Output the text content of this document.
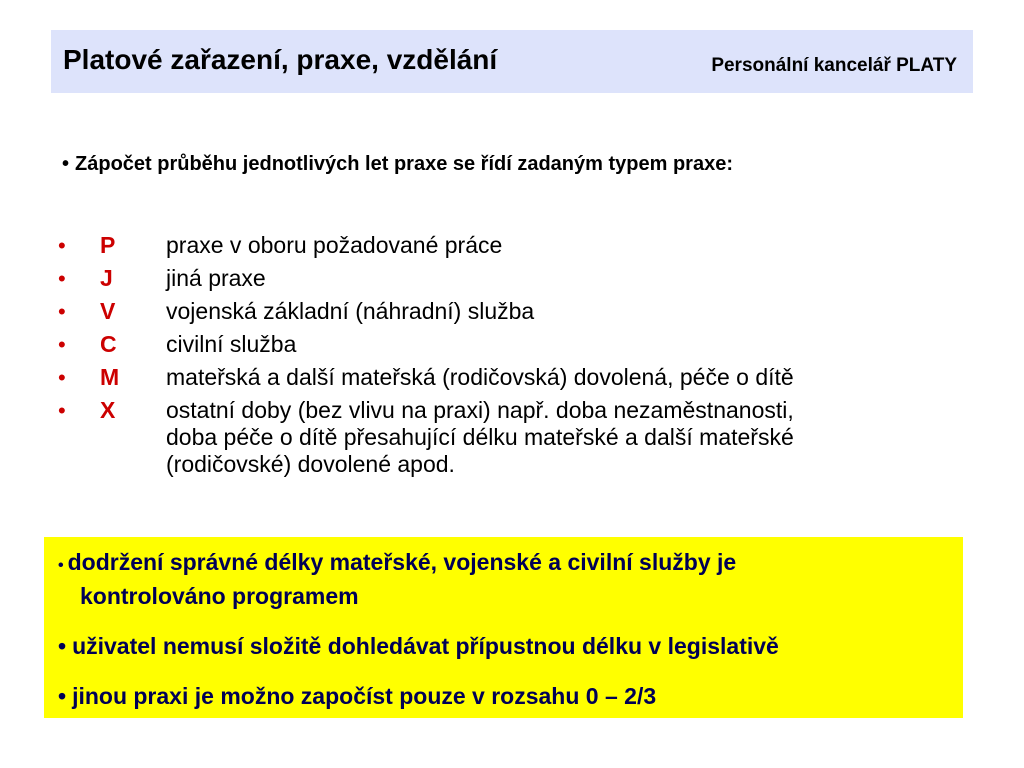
Platové zařazení, praxe, vzdělání	Personální kancelář PLATY
• Zápočet průběhu jednotlivých let praxe se řídí zadaným typem praxe:
• P praxe v oboru požadované práce
• J jiná praxe
• V vojenská základní (náhradní) služba
• C civilní služba
• M mateřská a další mateřská (rodičovská) dovolená, péče o dítě
• X ostatní doby (bez vlivu na praxi) např. doba nezaměstnanosti,
doba péče o dítě přesahující délku mateřské a další mateřské
(rodičovské) dovolené apod.
• dodržení správné délky mateřské, vojenské a civilní služby je
kontrolováno programem
• uživatel nemusí složitě dohledávat přípustnou délku v legislativě
• jinou praxi je možno započíst pouze v rozsahu 0 – 2/3
